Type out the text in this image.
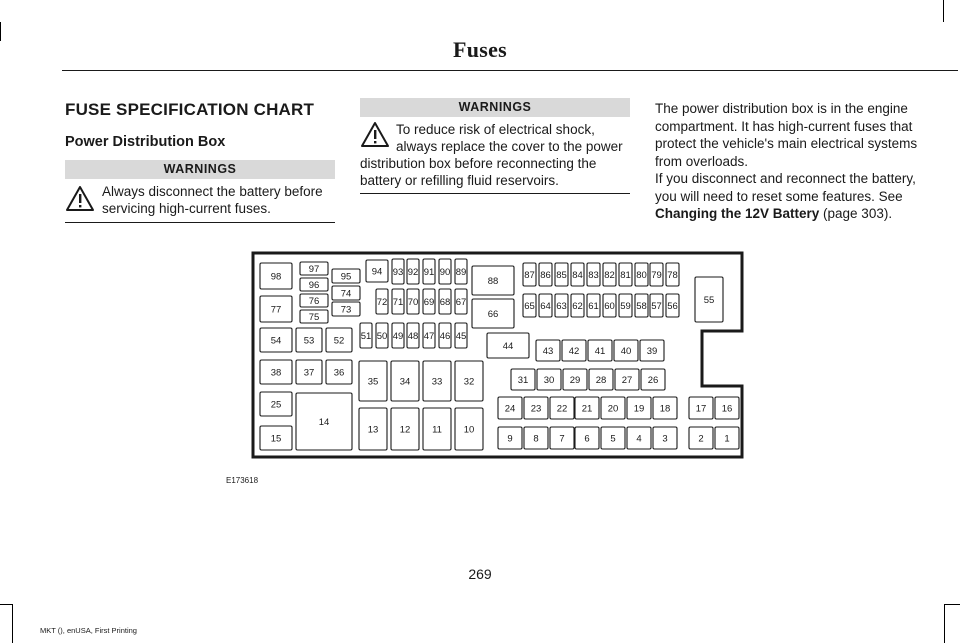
Fuses
FUSE SPECIFICATION CHART
Power Distribution Box
WARNINGS
Always disconnect the battery before servicing high-current fuses.
WARNINGS
To reduce risk of electrical shock,
always replace the cover to the power
distribution box before reconnecting the
battery or refilling fluid reservoirs.
The power distribution box is in the engine compartment. It has high-current fuses that protect the vehicle's main electrical systems from overloads.
If you disconnect and reconnect the battery, you will need to reset some features. See Changing the 12V Battery (page 303).
98
77
54
38
25
15
97
96
76
75
95
74
73
53 52
37 36
14
94 93 92 91 90 89
72 71 70 69 68 67
51 50 49 48 47 46 45
88
66
44
35 34 33 32
13 12 11 10
87 86 85 84 83 82 81 80 79 78
65 64 63 62 61 60 59 58 57 56
55
43 42 41 40 39
31 30 29 28 27 26
24 23 22 21 20 19 18	17 16
9 8 7 6 5 4 3	2 1
E173618
269
MKT (), enUSA, First Printing
